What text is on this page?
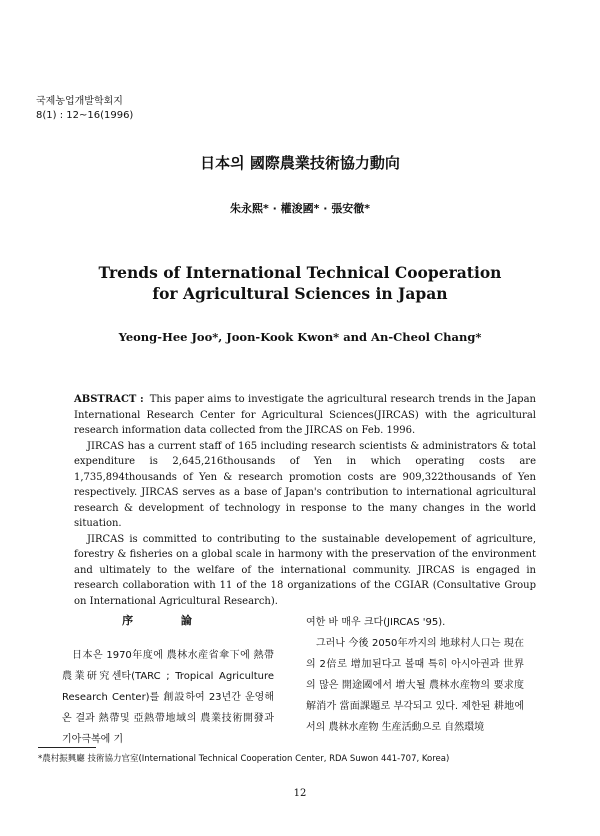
국제농업개발학회지
8(1) : 12~16(1996)
日本의 國際農業技術協力動向
朱永熙* · 權浚國* · 張安徹*
Trends of International Technical Cooperation
for Agricultural Sciences in Japan
Yeong-Hee Joo*, Joon-Kook Kwon* and An-Cheol Chang*

ABSTRACT : This paper aims to investigate the agricultural research trends in the Japan International Research Center for Agricultural Sciences(JIRCAS) with the agricultural research information data collected from the JIRCAS on Feb. 1996.

JIRCAS has a current staff of 165 including research scientists & administrators & total expenditure is 2,645,216thousands of Yen in which operating costs are 1,735,894thousands of Yen & research promotion costs are 909,322thousands of Yen respectively. JIRCAS serves as a base of Japan's contribution to international agricultural research & development of technology in response to the many changes in the world situation.

JIRCAS is committed to contributing to the sustainable developement of agriculture, forestry & fisheries on a global scale in harmony with the preservation of the environment and ultimately to the welfare of the international community. JIRCAS is engaged in research collaboration with 11 of the 18 organizations of the CGIAR (Consultative Group on International Agricultural Research).

序 論

日本은 1970年度에 農林水産省傘下에 熱帶農業研究센타(TARC ; Tropical Agriculture Research Center)를 創設하여 23년간 운영해온 결과 熱帶및 亞熱帶地域의 農業技術開發과 기아극복에 기

여한 바 매우 크다(JIRCAS '95).

그러나 今後 2050年까지의 地球村人口는 現在의 2倍로 增加된다고 볼때 특히 아시아권과 世界의 많은 開途國에서 增大될 農林水産物의 要求度解消가 當面課題로 부각되고 있다. 제한된 耕地에서의 農林水産物 生産活動으로 自然環境

*農村振興廳 技術協力官室(International Technical Cooperation Center, RDA Suwon 441-707, Korea)
12
